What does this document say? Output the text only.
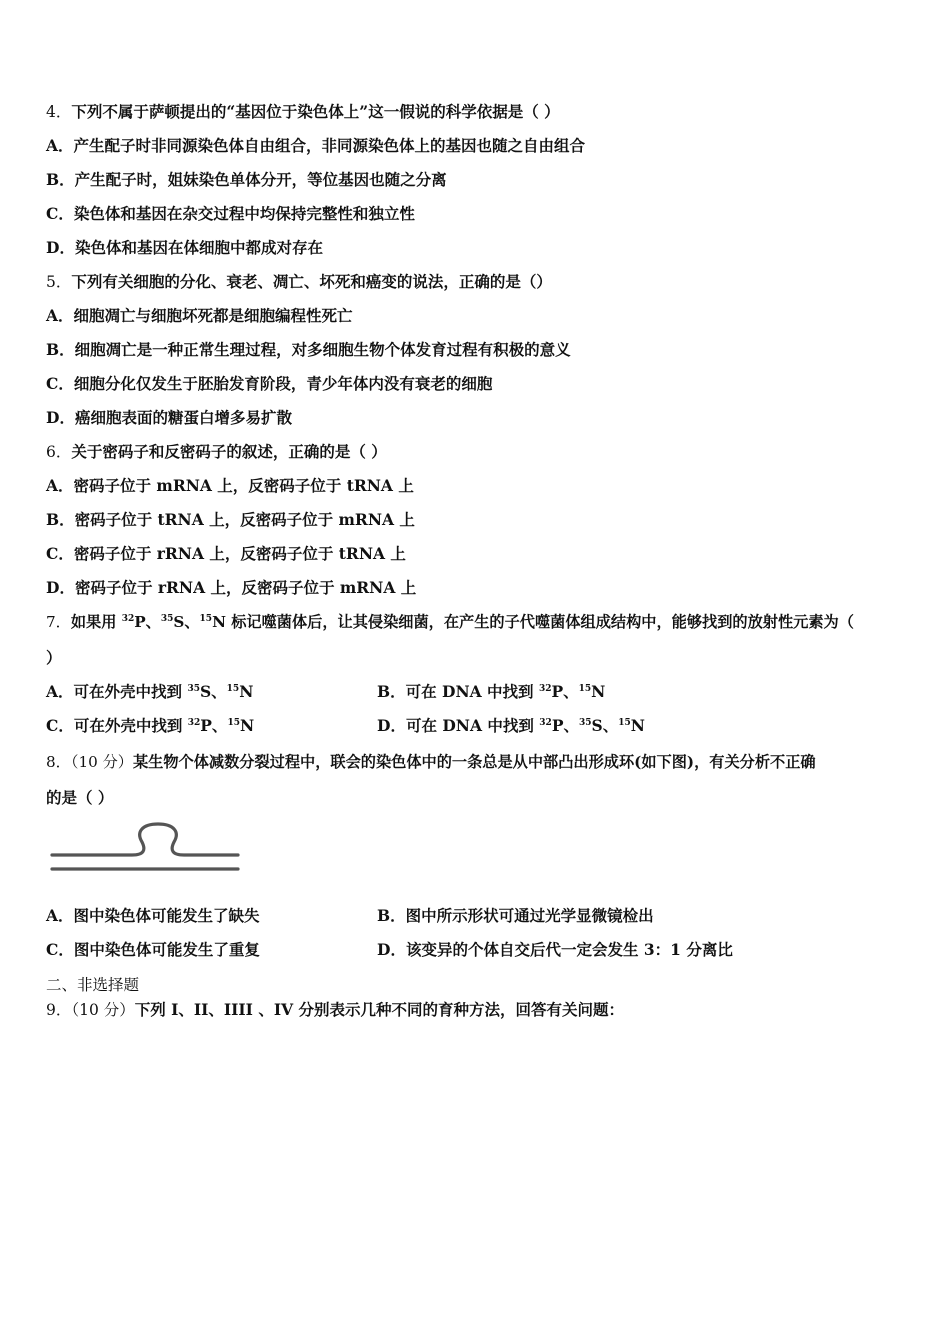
4．下列不属于萨顿提出的“基因位于染色体上”这一假说的科学依据是（ ）
A．产生配子时非同源染色体自由组合，非同源染色体上的基因也随之自由组合
B．产生配子时，姐妹染色单体分开，等位基因也随之分离
C．染色体和基因在杂交过程中均保持完整性和独立性
D．染色体和基因在体细胞中都成对存在
5．下列有关细胞的分化、衰老、凋亡、坏死和癌变的说法，正确的是（）
A．细胞凋亡与细胞坏死都是细胞编程性死亡
B．细胞凋亡是一种正常生理过程，对多细胞生物个体发育过程有积极的意义
C．细胞分化仅发生于胚胎发育阶段，青少年体内没有衰老的细胞
D．癌细胞表面的糖蛋白增多易扩散
6．关于密码子和反密码子的叙述，正确的是（ ）
A．密码子位于 mRNA 上，反密码子位于 tRNA 上
B．密码子位于 tRNA 上，反密码子位于 mRNA 上
C．密码子位于 rRNA 上，反密码子位于 tRNA 上
D．密码子位于 rRNA 上，反密码子位于 mRNA 上
7．如果用 $^{32}$P、$^{35}$S、$^{15}$N 标记噬菌体后，让其侵染细菌，在产生的子代噬菌体组成结构中，能够找到的放射性元素为（
）
A．可在外壳中找到 $^{35}$S、$^{15}$N	B．可在 DNA 中找到 $^{32}$P、$^{15}$N
C．可在外壳中找到 $^{32}$P、$^{15}$N	D．可在 DNA 中找到 $^{32}$P、$^{35}$S、$^{15}$N
8．（10 分）某生物个体减数分裂过程中，联会的染色体中的一条总是从中部凸出形成环(如下图)，有关分析不正确
的是（ ）
A．图中染色体可能发生了缺失	B．图中所示形状可通过光学显微镜检出
C．图中染色体可能发生了重复	D．该变异的个体自交后代一定会发生 3：1 分离比
二、非选择题
9．（10 分）下列 I、II、IIII 、IV 分别表示几种不同的育种方法，回答有关问题：
